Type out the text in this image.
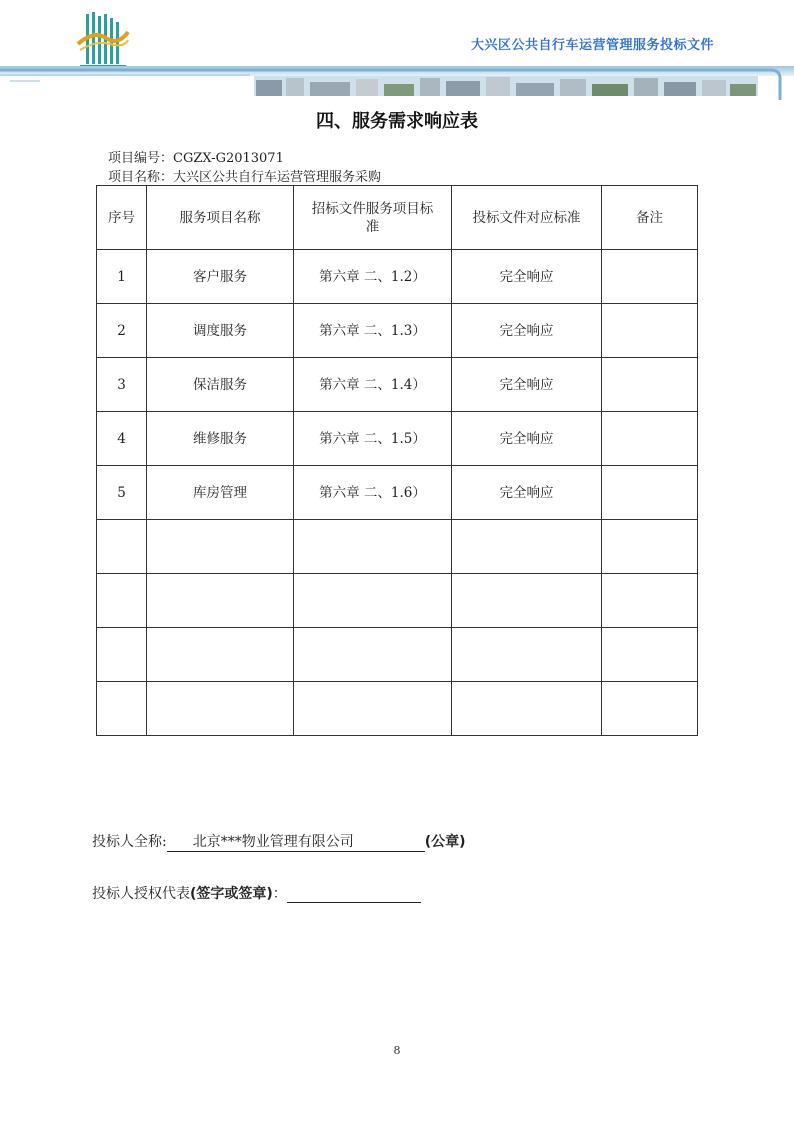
大兴区公共自行车运营管理服务投标文件
四、服务需求响应表
项目编号：CGZX-G2013071
项目名称：大兴区公共自行车运营管理服务采购
序号	服务项目名称	招标文件服务项目标准	投标文件对应标准	备注
1	客户服务	第六章 二、1.2）	完全响应	
2	调度服务	第六章 二、1.3）	完全响应	
3	保洁服务	第六章 二、1.4）	完全响应	
4	维修服务	第六章 二、1.5）	完全响应	
5	库房管理	第六章 二、1.6）	完全响应	

投标人全称: 北京***物业管理有限公司	(公章)
投标人授权代表(签字或签章)：
8
